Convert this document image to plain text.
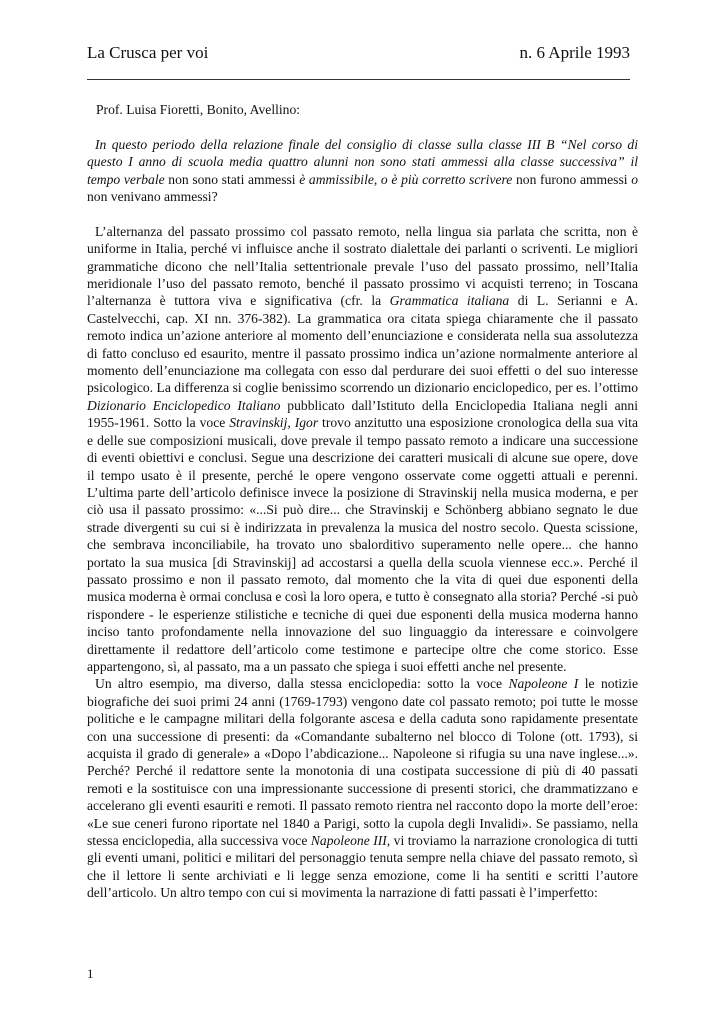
La Crusca per voi	n. 6 Aprile 1993

Prof. Luisa Fioretti, Bonito, Avellino:

In questo periodo della relazione finale del consiglio di classe sulla classe III B “Nel corso di questo I anno di scuola media quattro alunni non sono stati ammessi alla classe successiva” il tempo verbale non sono stati ammessi è ammissibile, o è più corretto scrivere non furono ammessi o non venivano ammessi?

L’alternanza del passato prossimo col passato remoto, nella lingua sia parlata che scritta, non è uniforme in Italia, perché vi influisce anche il sostrato dialettale dei parlanti o scriventi. Le migliori grammatiche dicono che nell’Italia settentrionale prevale l’uso del passato prossimo, nell’Italia meridionale l’uso del passato remoto, benché il passato prossimo vi acquisti terreno; in Toscana l’alternanza è tuttora viva e significativa (cfr. la Grammatica italiana di L. Serianni e A. Castelvecchi, cap. XI nn. 376-382). La grammatica ora citata spiega chiaramente che il passato remoto indica un’azione anteriore al momento dell’enunciazione e considerata nella sua assolutezza di fatto concluso ed esaurito, mentre il passato prossimo indica un’azione normalmente anteriore al momento dell’enunciazione ma collegata con esso dal perdurare dei suoi effetti o del suo interesse psicologico. La differenza si coglie benissimo scorrendo un dizionario enciclopedico, per es. l’ottimo Dizionario Enciclopedico Italiano pubblicato dall’Istituto della Enciclopedia Italiana negli anni 1955-1961. Sotto la voce Stravinskij, Igor trovo anzitutto una esposizione cronologica della sua vita e delle sue composizioni musicali, dove prevale il tempo passato remoto a indicare una successione di eventi obiettivi e conclusi. Segue una descrizione dei caratteri musicali di alcune sue opere, dove il tempo usato è il presente, perché le opere vengono osservate come oggetti attuali e perenni. L’ultima parte dell’articolo definisce invece la posizione di Stravinskij nella musica moderna, e per ciò usa il passato prossimo: «...Si può dire... che Stravinskij e Schönberg abbiano segnato le due strade divergenti su cui si è indirizzata in prevalenza la musica del nostro secolo. Questa scissione, che sembrava inconciliabile, ha trovato uno sbalorditivo superamento nelle opere... che hanno portato la sua musica [di Stravinskij] ad accostarsi a quella della scuola viennese ecc.». Perché il passato prossimo e non il passato remoto, dal momento che la vita di quei due esponenti della musica moderna è ormai conclusa e così la loro opera, e tutto è consegnato alla storia? Perché -si può rispondere - le esperienze stilistiche e tecniche di quei due esponenti della musica moderna hanno inciso tanto profondamente nella innovazione del suo linguaggio da interessare e coinvolgere direttamente il redattore dell’articolo come testimone e partecipe oltre che come storico. Esse appartengono, sì, al passato, ma a un passato che spiega i suoi effetti anche nel presente.

Un altro esempio, ma diverso, dalla stessa enciclopedia: sotto la voce Napoleone I le notizie biografiche dei suoi primi 24 anni (1769-1793) vengono date col passato remoto; poi tutte le mosse politiche e le campagne militari della folgorante ascesa e della caduta sono rapidamente presentate con una successione di presenti: da «Comandante subalterno nel blocco di Tolone (ott. 1793), si acquista il grado di generale» a «Dopo l’abdicazione... Napoleone si rifugia su una nave inglese...». Perché? Perché il redattore sente la monotonia di una costipata successione di più di 40 passati remoti e la sostituisce con una impressionante successione di presenti storici, che drammatizzano e accelerano gli eventi esauriti e remoti. Il passato remoto rientra nel racconto dopo la morte dell’eroe: «Le sue ceneri furono riportate nel 1840 a Parigi, sotto la cupola degli Invalidi». Se passiamo, nella stessa enciclopedia, alla successiva voce Napoleone III, vi troviamo la narrazione cronologica di tutti gli eventi umani, politici e militari del personaggio tenuta sempre nella chiave del passato remoto, sì che il lettore li sente archiviati e li legge senza emozione, come li ha sentiti e scritti l’autore dell’articolo. Un altro tempo con cui si movimenta la narrazione di fatti passati è l’imperfetto:

1
